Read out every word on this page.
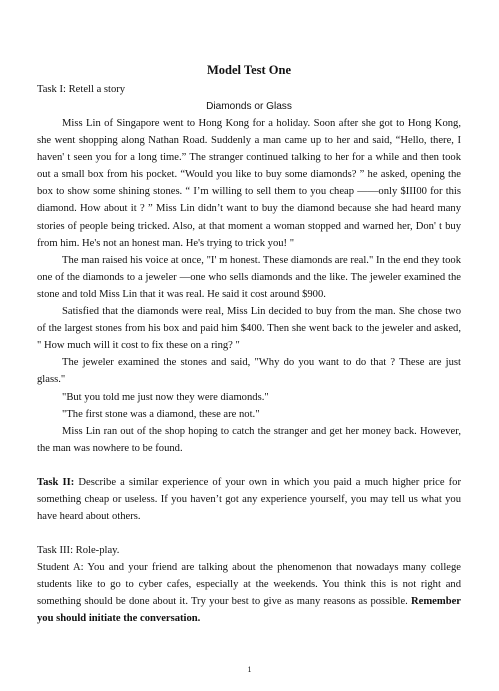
Model Test One
Task I: Retell a story
Diamonds or Glass

Miss Lin of Singapore went to Hong Kong for a holiday. Soon after she got to Hong Kong, she went shopping along Nathan Road. Suddenly a man came up to her and said, “Hello, there, I haven' t seen you for a long time.” The stranger continued talking to her for a while and then took out a small box from his pocket. “Would you like to buy some diamonds? ” he asked, opening the box to show some shining stones. “ I’m willing to sell them to you cheap ——only $III00 for this diamond. How about it ? ” Miss Lin didn’t want to buy the diamond because she had heard many stories of people being tricked. Also, at that moment a woman stopped and warned her, Don' t buy from him. He's not an honest man. He's trying to trick you! "

The man raised his voice at once, "I' m honest. These diamonds are real." In the end they took one of the diamonds to a jeweler —one who sells diamonds and the like. The jeweler examined the stone and told Miss Lin that it was real. He said it cost around $900.

Satisfied that the diamonds were real, Miss Lin decided to buy from the man. She chose two of the largest stones from his box and paid him $400. Then she went back to the jeweler and asked, " How much will it cost to fix these on a ring? "

The jeweler examined the stones and said, "Why do you want to do that ? These are just glass."

"But you told me just now they were diamonds."

"The first stone was a diamond, these are not."

Miss Lin ran out of the shop hoping to catch the stranger and get her money back. However, the man was nowhere to be found.

Task II: Describe a similar experience of your own in which you paid a much higher price for something cheap or useless. If you haven’t got any experience yourself, you may tell us what you have heard about others.

Task III: Role-play.

Student A: You and your friend are talking about the phenomenon that nowadays many college students like to go to cyber cafes, especially at the weekends. You think this is not right and something should be done about it. Try your best to give as many reasons as possible. Remember you should initiate the conversation.

1
